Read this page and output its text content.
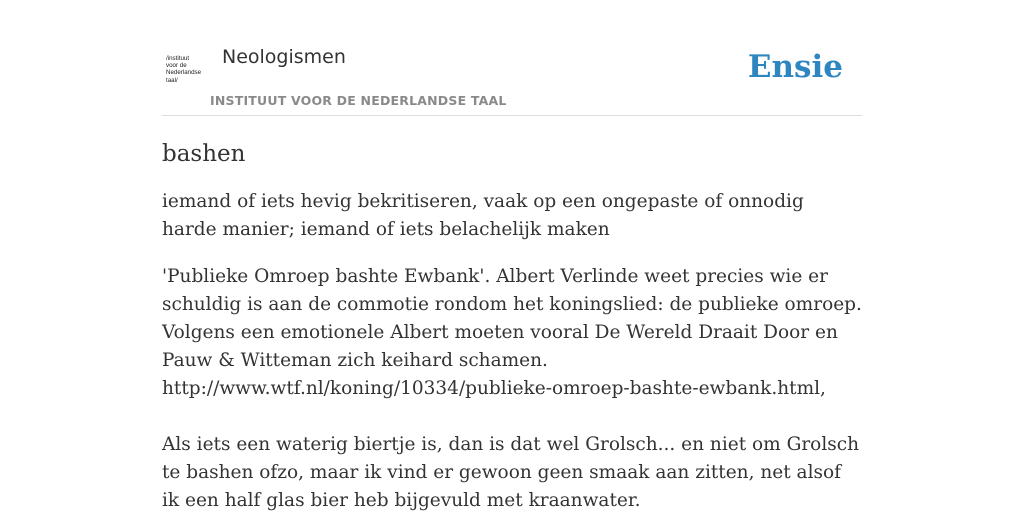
/instituut
voor de
Nederlandse
taal/
Neologismen
INSTITUUT VOOR DE NEDERLANDSE TAAL
Ensie
bashen

iemand of iets hevig bekritiseren, vaak op een ongepaste of onnodig harde manier; iemand of iets belachelijk maken

'Publieke Omroep bashte Ewbank'. Albert Verlinde weet precies wie er schuldig is aan de commotie rondom het koningslied: de publieke omroep. Volgens een emotionele Albert moeten vooral De Wereld Draait Door en Pauw & Witteman zich keihard schamen.
http://www.wtf.nl/koning/10334/publieke-omroep-bashte-ewbank.html,

Als iets een waterig biertje is, dan is dat wel Grolsch... en niet om Grolsch te bashen ofzo, maar ik vind er gewoon geen smaak aan zitten, net alsof ik een half glas bier heb bijgevuld met kraanwater.
